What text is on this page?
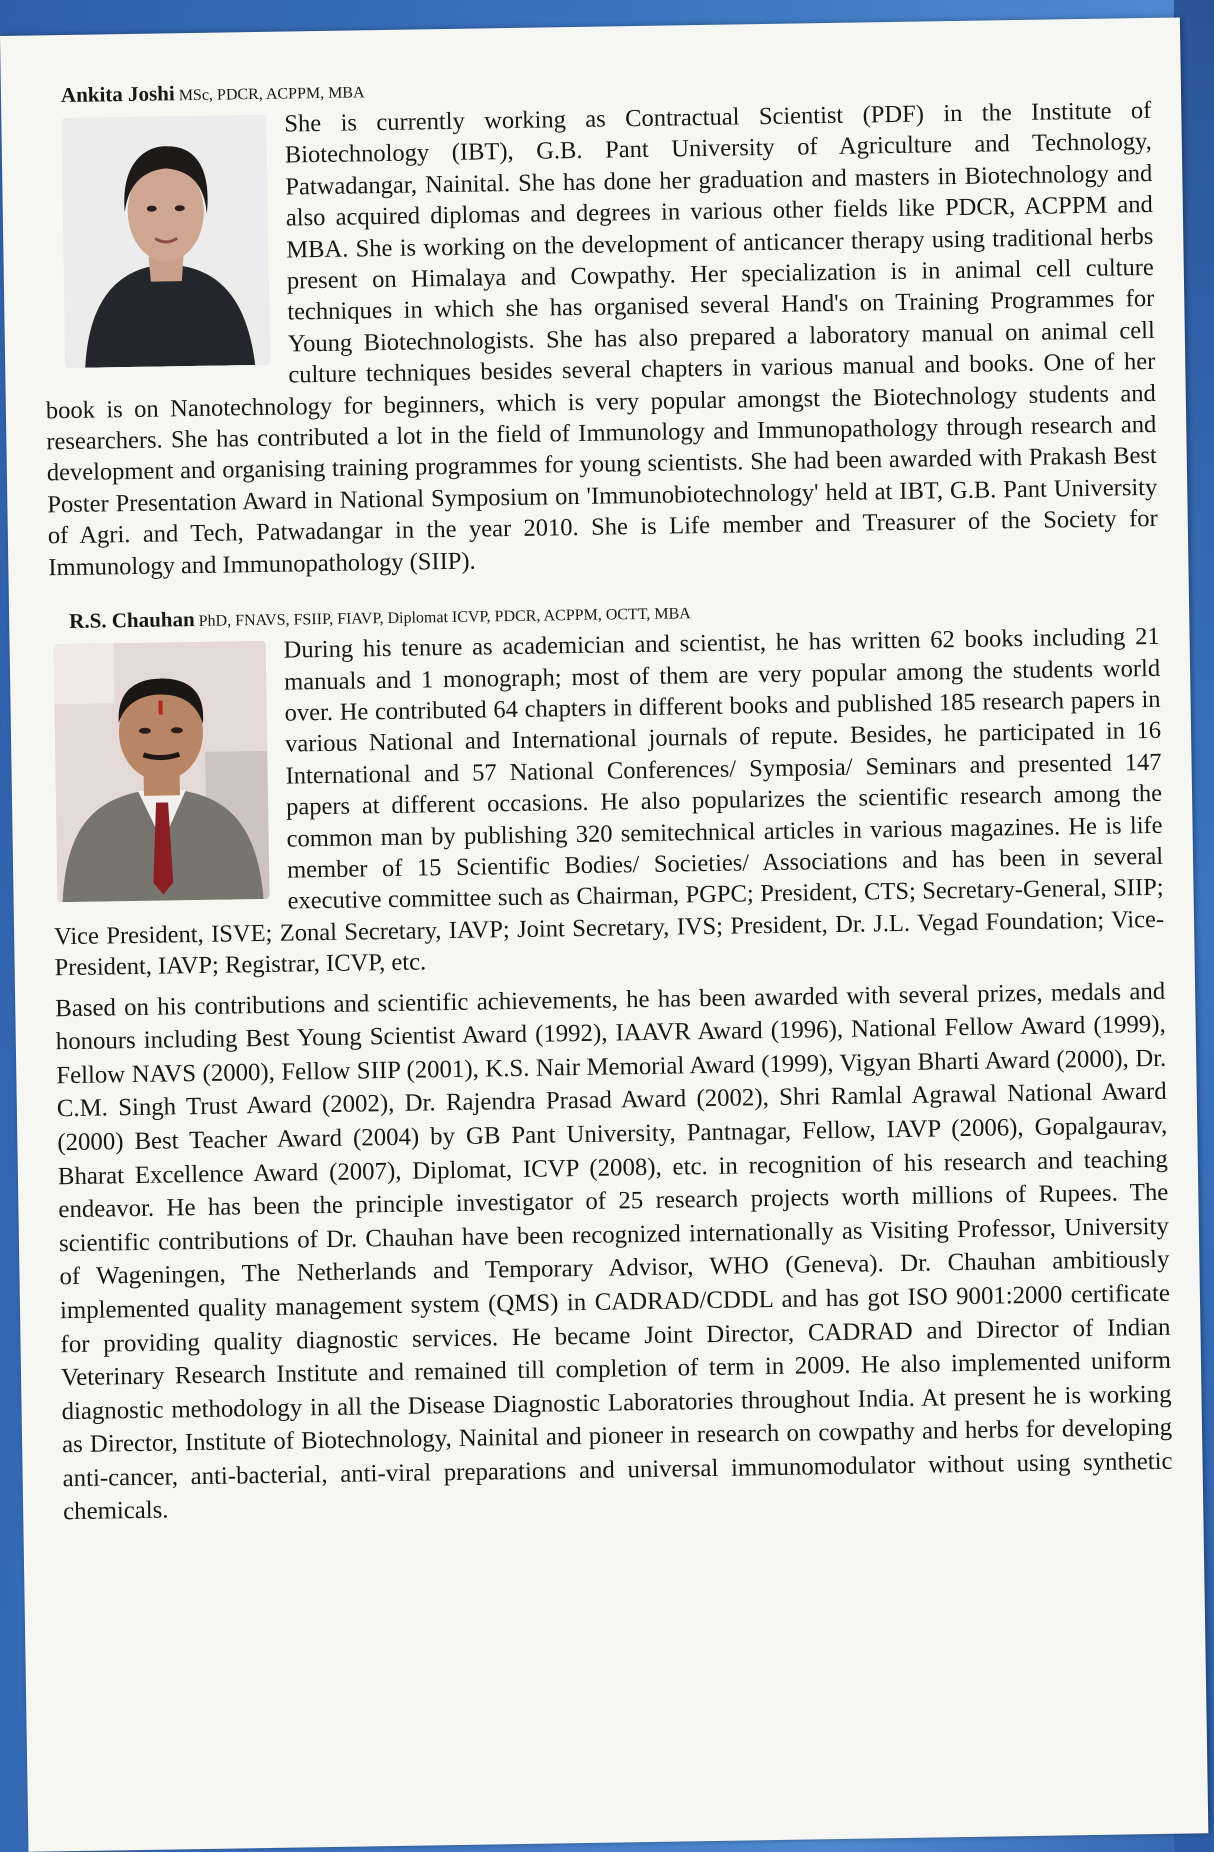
Ankita Joshi MSc, PDCR, ACPPM, MBA

She is currently working as Contractual Scientist (PDF) in the Institute of Biotechnology (IBT), G.B. Pant University of Agriculture and Technology, Patwadangar, Nainital. She has done her graduation and masters in Biotechnology and also acquired diplomas and degrees in various other fields like PDCR, ACPPM and MBA. She is working on the development of anticancer therapy using traditional herbs present on Himalaya and Cowpathy. Her specialization is in animal cell culture techniques in which she has organised several Hand's on Training Programmes for Young Biotechnologists. She has also prepared a laboratory manual on animal cell culture techniques besides several chapters in various manual and books. One of her book is on Nanotechnology for beginners, which is very popular amongst the Biotechnology students and researchers. She has contributed a lot in the field of Immunology and Immunopathology through research and development and organising training programmes for young scientists. She had been awarded with Prakash Best Poster Presentation Award in National Symposium on 'Immunobiotechnology' held at IBT, G.B. Pant University of Agri. and Tech, Patwadangar in the year 2010. She is Life member and Treasurer of the Society for Immunology and Immunopathology (SIIP).

R.S. Chauhan PhD, FNAVS, FSIIP, FIAVP, Diplomat ICVP, PDCR, ACPPM, OCTT, MBA

During his tenure as academician and scientist, he has written 62 books including 21 manuals and 1 monograph; most of them are very popular among the students world over. He contributed 64 chapters in different books and published 185 research papers in various National and International journals of repute. Besides, he participated in 16 International and 57 National Conferences/ Symposia/ Seminars and presented 147 papers at different occasions. He also popularizes the scientific research among the common man by publishing 320 semitechnical articles in various magazines. He is life member of 15 Scientific Bodies/ Societies/ Associations and has been in several executive committee such as Chairman, PGPC; President, CTS; Secretary-General, SIIP; Vice President, ISVE; Zonal Secretary, IAVP; Joint Secretary, IVS; President, Dr. J.L. Vegad Foundation; Vice-President, IAVP; Registrar, ICVP, etc.

Based on his contributions and scientific achievements, he has been awarded with several prizes, medals and honours including Best Young Scientist Award (1992), IAAVR Award (1996), National Fellow Award (1999), Fellow NAVS (2000), Fellow SIIP (2001), K.S. Nair Memorial Award (1999), Vigyan Bharti Award (2000), Dr. C.M. Singh Trust Award (2002), Dr. Rajendra Prasad Award (2002), Shri Ramlal Agrawal National Award (2000) Best Teacher Award (2004) by GB Pant University, Pantnagar, Fellow, IAVP (2006), Gopalgaurav, Bharat Excellence Award (2007), Diplomat, ICVP (2008), etc. in recognition of his research and teaching endeavor. He has been the principle investigator of 25 research projects worth millions of Rupees. The scientific contributions of Dr. Chauhan have been recognized internationally as Visiting Professor, University of Wageningen, The Netherlands and Temporary Advisor, WHO (Geneva). Dr. Chauhan ambitiously implemented quality management system (QMS) in CADRAD/CDDL and has got ISO 9001:2000 certificate for providing quality diagnostic services. He became Joint Director, CADRAD and Director of Indian Veterinary Research Institute and remained till completion of term in 2009. He also implemented uniform diagnostic methodology in all the Disease Diagnostic Laboratories throughout India. At present he is working as Director, Institute of Biotechnology, Nainital and pioneer in research on cowpathy and herbs for developing anti-cancer, anti-bacterial, anti-viral preparations and universal immunomodulator without using synthetic chemicals.
